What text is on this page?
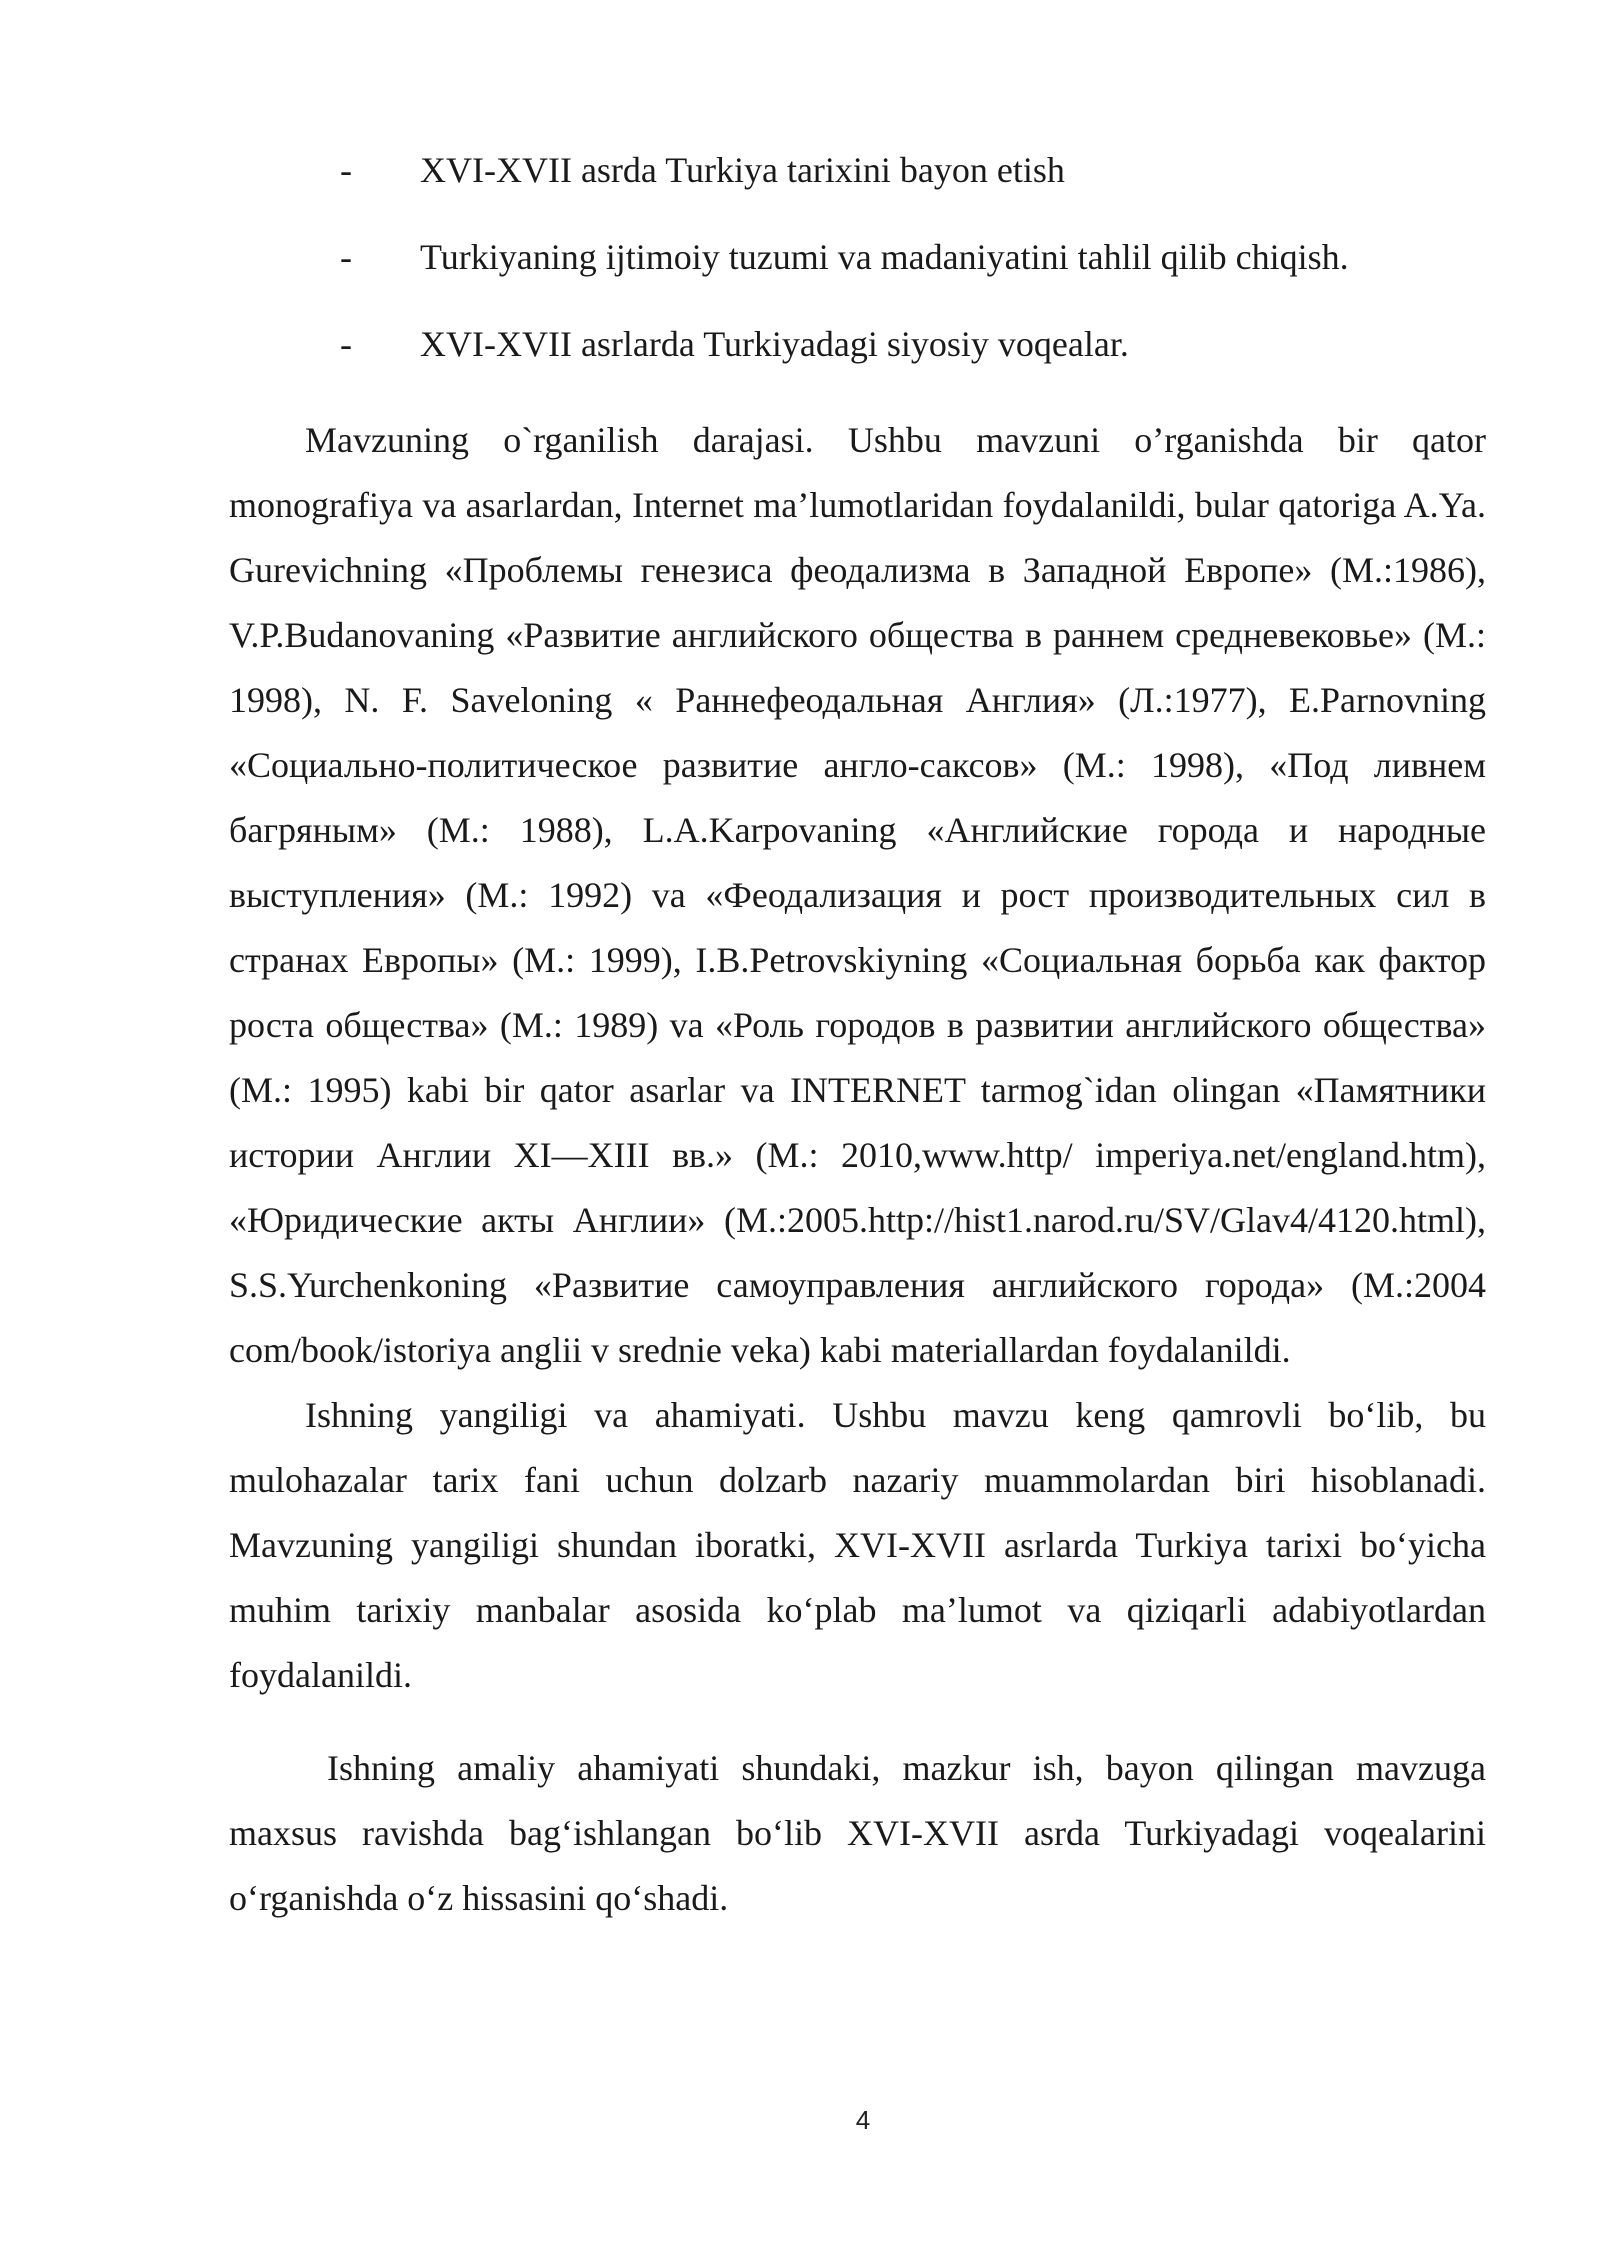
-	XVI-XVII asrda Turkiya tarixini bayon etish
-	Turkiyaning ijtimoiy tuzumi va madaniyatini tahlil qilib chiqish.
-	XVI-XVII asrlarda Turkiyadagi siyosiy voqealar.

Mavzuning o`rganilish darajasi. Ushbu mavzuni o’rganishda bir qator monografiya va asarlardan, Internet ma’lumotlaridan foydalanildi, bular qatoriga A.Ya. Gurevichning «Проблемы генезиса феодализма в Западной Европе» (М.:1986), V.P.Budanovaning «Развитие английского общества в раннем средневековье» (М.: 1998), N. F. Saveloning « Раннефеодальная Англия» (Л.:1977), E.Parnovning «Социально-политическое развитие англо-саксов» (М.: 1998), «Под ливнем багряным» (М.: 1988), L.A.Karpovaning «Английские города и народные выступления» (М.: 1992) va «Феодализация и рост производительных сил в странах Европы» (М.: 1999), I.B.Petrovskiyning «Социальная борьба как фактор роста общества» (М.: 1989) va «Роль городов в развитии английского общества» (М.: 1995) kabi bir qator asarlar va INTERNET tarmog`idan olingan «Памятники истории Англии XI—XIII вв.» (М.: 2010,www.http/ imperiya.net/england.htm), «Юридические акты Англии» (М.:2005.http://hist1.narod.ru/SV/Glav4/4120.html), S.S.Yurchenkoning «Развитие самоуправления английского города» (М.:2004 com/book/istoriya anglii v srednie veka) kabi materiallardan foydalanildi.

Ishning yangiligi va ahamiyati. Ushbu mavzu keng qamrovli bo‘lib, bu mulohazalar tarix fani uchun dolzarb nazariy muammolardan biri hisoblanadi. Mavzuning yangiligi shundan iboratki, XVI-XVII asrlarda Turkiya tarixi bo‘yicha muhim tarixiy manbalar asosida ko‘plab ma’lumot va qiziqarli adabiyotlardan foydalanildi.

Ishning amaliy ahamiyati shundaki, mazkur ish, bayon qilingan mavzuga maxsus ravishda bag‘ishlangan bo‘lib XVI-XVII asrda Turkiyadagi voqealarini o‘rganishda o‘z hissasini qo‘shadi.

4
